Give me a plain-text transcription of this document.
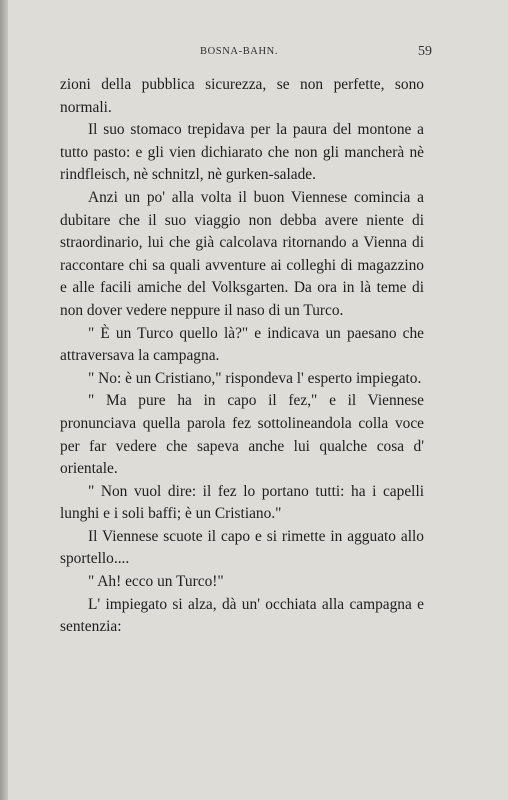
BOSNA-BAHN.	59

zioni della pubblica sicurezza, se non perfette, sono normali.

Il suo stomaco trepidava per la paura del montone a tutto pasto: e gli vien dichiarato che non gli mancherà nè rindfleisch, nè schnitzl, nè gurken-salade.

Anzi un po' alla volta il buon Viennese comincia a dubitare che il suo viaggio non debba avere niente di straordinario, lui che già calcolava ritornando a Vienna di raccontare chi sa quali avventure ai colleghi di magazzino e alle facili amiche del Volksgarten. Da ora in là teme di non dover vedere neppure il naso di un Turco.

" È un Turco quello là?" e indicava un paesano che attraversava la campagna.

" No: è un Cristiano," rispondeva l' esperto impiegato.

" Ma pure ha in capo il fez," e il Viennese pronunciava quella parola fez sottolineandola colla voce per far vedere che sapeva anche lui qualche cosa d' orientale.

" Non vuol dire: il fez lo portano tutti: ha i capelli lunghi e i soli baffi; è un Cristiano."

Il Viennese scuote il capo e si rimette in agguato allo sportello....

" Ah! ecco un Turco!"

L' impiegato si alza, dà un' occhiata alla campagna e sentenzia:
